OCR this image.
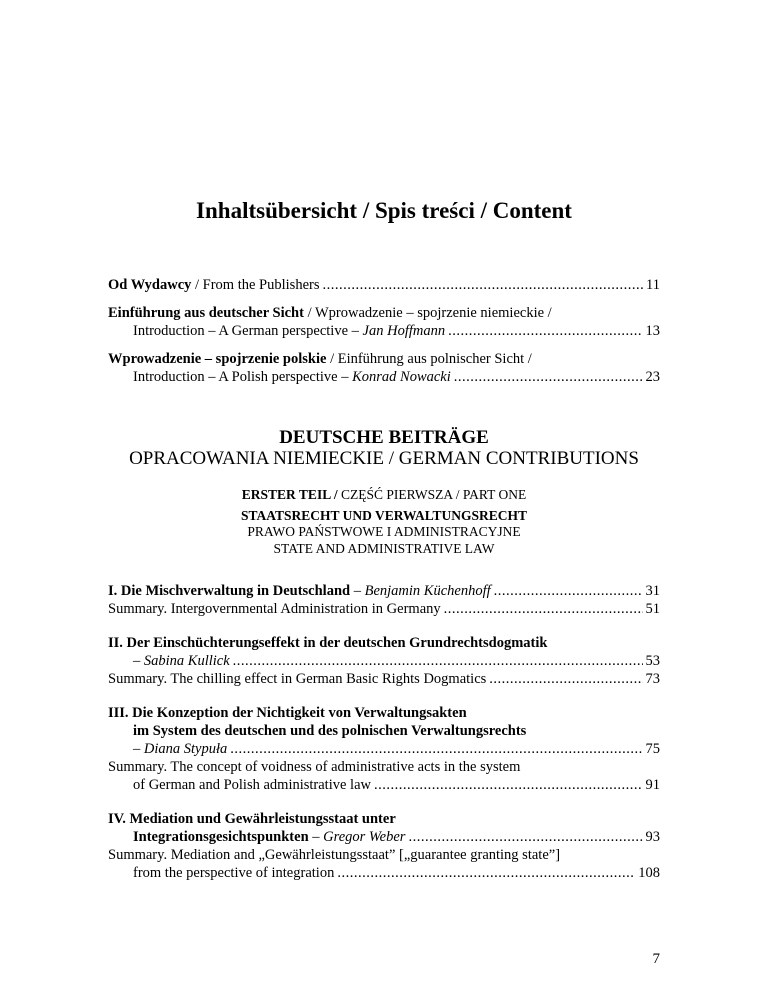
Inhaltsübersicht / Spis treści / Content
Od Wydawcy / From the Publishers .....	11
Einführung aus deutscher Sicht / Wprowadzenie – spojrzenie niemieckie /
Introduction – A German perspective – Jan Hoffmann .....	13
Wprowadzenie – spojrzenie polskie / Einführung aus polnischer Sicht /
Introduction – A Polish perspective – Konrad Nowacki .....	23
DEUTSCHE BEITRÄGE
OPRACOWANIA NIEMIECKIE / GERMAN CONTRIBUTIONS
ERSTER TEIL / CZĘŚĆ PIERWSZA / PART ONE
STAATSRECHT UND VERWALTUNGSRECHT
PRAWO PAŃSTWOWE I ADMINISTRACYJNE
STATE AND ADMINISTRATIVE LAW
I. Die Mischverwaltung in Deutschland – Benjamin Küchenhoff .....	31
Summary. Intergovernmental Administration in Germany .....	51
II. Der Einschüchterungseffekt in der deutschen Grundrechtsdogmatik
– Sabina Kullick .....	53
Summary. The chilling effect in German Basic Rights Dogmatics .....	73
III. Die Konzeption der Nichtigkeit von Verwaltungsakten
im System des deutschen und des polnischen Verwaltungsrechts
– Diana Stypuła .....	75
Summary. The concept of voidness of administrative acts in the system
of German and Polish administrative law .....	91
IV. Mediation und Gewährleistungsstaat unter
Integrationsgesichtspunkten – Gregor Weber .....	93
Summary. Mediation and „Gewährleistungsstaat” [„guarantee granting state”]
from the perspective of integration .....	108
7
